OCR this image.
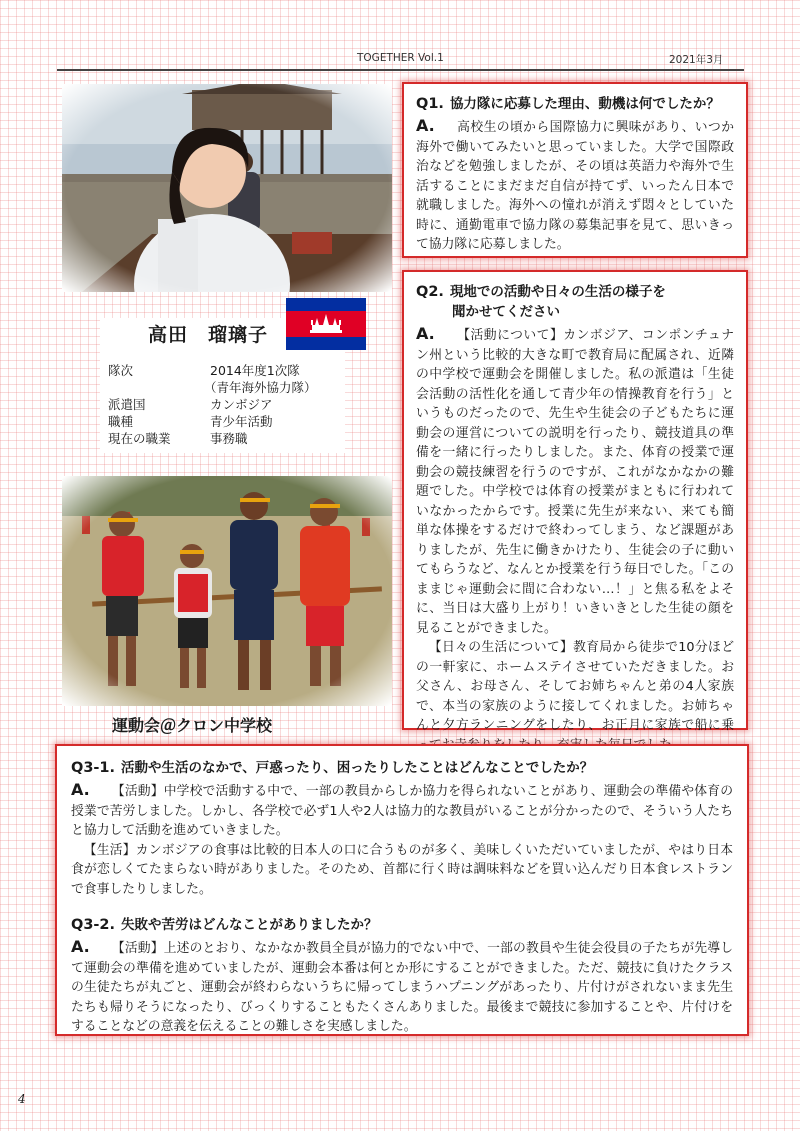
TOGETHER Vol.1	2021年3月
高田　瑠璃子
隊次	2014年度1次隊
（青年海外協力隊）
派遣国	カンボジア
職種	青少年活動
現在の職業	事務職
運動会＠クロン中学校

Q1. 協力隊に応募した理由、動機は何でしたか？

A. 高校生の頃から国際協力に興味があり、いつか海外で働いてみたいと思っていました。大学で国際政治などを勉強しましたが、その頃は英語力や海外で生活することにまだまだ自信が持てず、いったん日本で就職しました。海外への憧れが消えず悶々としていた時に、通勤電車で協力隊の募集記事を見て、思いきって協力隊に応募しました。

Q2. 現地での活動や日々の生活の様子を

聞かせてください

A. 【活動について】カンボジア、コンポンチュナン州という比較的大きな町で教育局に配属され、近隣の中学校で運動会を開催しました。私の派遣は「生徒会活動の活性化を通して青少年の情操教育を行う」というものだったので、先生や生徒会の子どもたちに運動会の運営についての説明を行ったり、競技道具の準備を一緒に行ったりしました。また、体育の授業で運動会の競技練習を行うのですが、これがなかなかの難題でした。中学校では体育の授業がまともに行われていなかったからです。授業に先生が来ない、来ても簡単な体操をするだけで終わってしまう、など課題がありましたが、先生に働きかけたり、生徒会の子に動いてもらうなど、なんとか授業を行う毎日でした。「このままじゃ運動会に間に合わない…！」と焦る私をよそに、当日は大盛り上がり！いきいきとした生徒の顔を見ることができました。

【日々の生活について】教育局から徒歩で10分ほどの一軒家に、ホームステイさせていただきました。お父さん、お母さん、そしてお姉ちゃんと弟の4人家族で、本当の家族のように接してくれました。お姉ちゃんと夕方ランニングをしたり、お正月に家族で船に乗

Q3-1. 活動や生活のなかで、戸惑ったり、困ったりしたことはどんなことでしたか？

A. 【活動】中学校で活動する中で、一部の教員からしか協力を得られないことがあり、運動会の準備や体育の授業で苦労しました。しかし、各学校で必ず1人や2人は協力的な教員がいることが分かったので、そういう人たちと協力して活動を進めていきました。

【生活】カンボジアの食事は比較的日本人の口に合うものが多く、美味しくいただいていましたが、やはり日本食が恋しくてたまらない時がありました。そのため、首都に行く時は調味料などを買い込んだり日本食レストランで食事したりしました。

Q3-2. 失敗や苦労はどんなことがありましたか？

A. 【活動】上述のとおり、なかなか教員全員が協力的でない中で、一部の教員や生徒会役員の子たちが先導して運動会の準備を進めていましたが、運動会本番は何とか形にすることができました。ただ、競技に負けたクラスの生徒たちが丸ごと、運動会が終わらないうちに帰ってしまうハプニングがあったり、片付けがされないまま先生たちも帰りそうになったり、びっくりすることもたくさんありました。最後まで競技に参加することや、片付けをすることなどの意義を伝えることの難しさを実感しました。

4
